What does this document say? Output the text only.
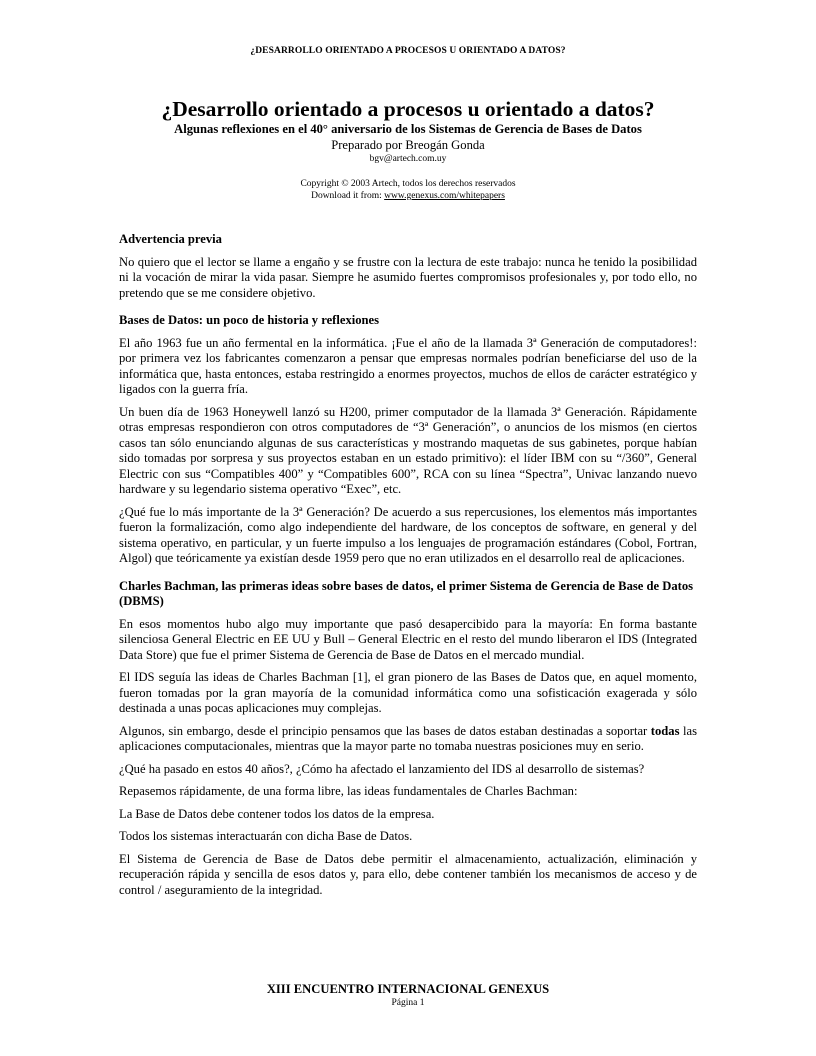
¿DESARROLLO ORIENTADO A PROCESOS U ORIENTADO A DATOS?
¿Desarrollo orientado a procesos u orientado a datos?
Algunas reflexiones en el 40° aniversario de los Sistemas de Gerencia de Bases de Datos
Preparado por Breogán Gonda
bgv@artech.com.uy
Copyright © 2003 Artech, todos los derechos reservados
Download it from: www.genexus.com/whitepapers
Advertencia previa

No quiero que el lector se llame a engaño y se frustre con la lectura de este trabajo: nunca he tenido la posibilidad ni la vocación de mirar la vida pasar. Siempre he asumido fuertes compromisos profesionales y, por todo ello, no pretendo que se me considere objetivo.

Bases de Datos: un poco de historia y reflexiones

El año 1963 fue un año fermental en la informática. ¡Fue el año de la llamada 3ª Generación de computadores!: por primera vez los fabricantes comenzaron a pensar que empresas normales podrían beneficiarse del uso de la informática que, hasta entonces, estaba restringido a enormes proyectos, muchos de ellos de carácter estratégico y ligados con la guerra fría.

Un buen día de 1963 Honeywell lanzó su H200, primer computador de la llamada 3ª Generación. Rápidamente otras empresas respondieron con otros computadores de “3ª Generación”, o anuncios de los mismos (en ciertos casos tan sólo enunciando algunas de sus características y mostrando maquetas de sus gabinetes, porque habían sido tomadas por sorpresa y sus proyectos estaban en un estado primitivo): el líder IBM con su “/360”, General Electric con sus “Compatibles 400” y “Compatibles 600”, RCA con su línea “Spectra”, Univac lanzando nuevo hardware y su legendario sistema operativo “Exec”, etc.

¿Qué fue lo más importante de la 3ª Generación? De acuerdo a sus repercusiones, los elementos más importantes fueron la formalización, como algo independiente del hardware, de los conceptos de software, en general y del sistema operativo, en particular, y un fuerte impulso a los lenguajes de programación estándares (Cobol, Fortran, Algol) que teóricamente ya existían desde 1959 pero que no eran utilizados en el desarrollo real de aplicaciones.

Charles Bachman, las primeras ideas sobre bases de datos, el primer Sistema de Gerencia de Base de Datos (DBMS)

En esos momentos hubo algo muy importante que pasó desapercibido para la mayoría: En forma bastante silenciosa General Electric en EE UU y Bull – General Electric en el resto del mundo liberaron el IDS (Integrated Data Store) que fue el primer Sistema de Gerencia de Base de Datos en el mercado mundial.

El IDS seguía las ideas de Charles Bachman [1], el gran pionero de las Bases de Datos que, en aquel momento, fueron tomadas por la gran mayoría de la comunidad informática como una sofisticación exagerada y sólo destinada a unas pocas aplicaciones muy complejas.

Algunos, sin embargo, desde el principio pensamos que las bases de datos estaban destinadas a soportar todas las aplicaciones computacionales, mientras que la mayor parte no tomaba nuestras posiciones muy en serio.

¿Qué ha pasado en estos 40 años?, ¿Cómo ha afectado el lanzamiento del IDS al desarrollo de sistemas?

Repasemos rápidamente, de una forma libre, las ideas fundamentales de Charles Bachman:

La Base de Datos debe contener todos los datos de la empresa.

Todos los sistemas interactuarán con dicha Base de Datos.

El Sistema de Gerencia de Base de Datos debe permitir el almacenamiento, actualización, eliminación y recuperación rápida y sencilla de esos datos y, para ello, debe contener también los mecanismos de acceso y de control / aseguramiento de la integridad.

XIII ENCUENTRO INTERNACIONAL GENEXUS
Página 1
